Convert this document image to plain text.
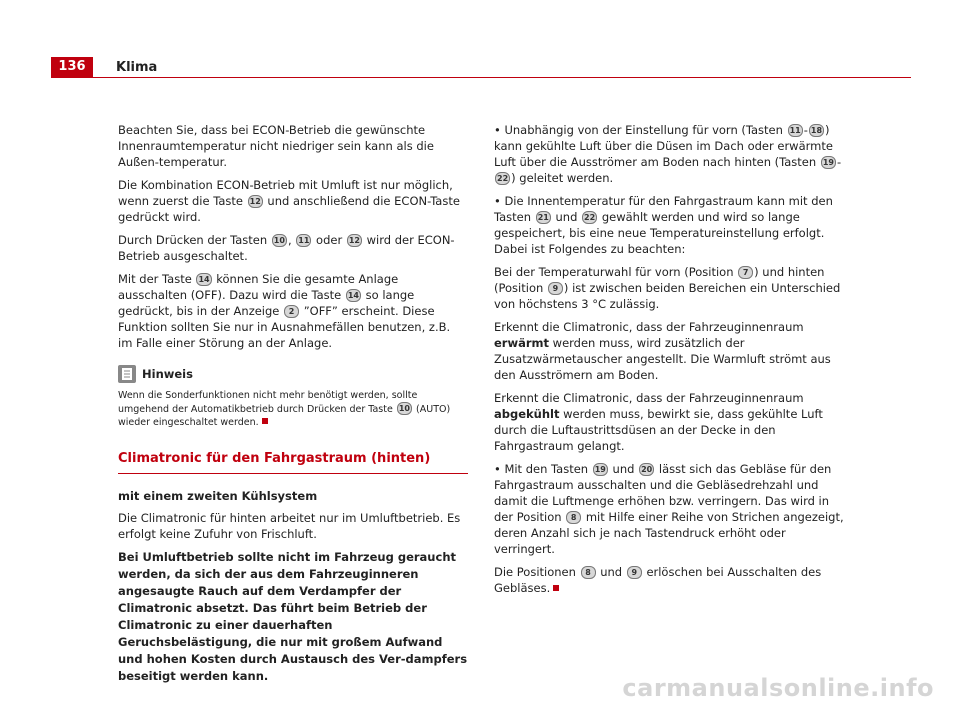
136	Klima

Beachten Sie, dass bei ECON-Betrieb die gewünschte Innenraumtemperatur nicht niedriger sein kann als die Außen-temperatur.

Die Kombination ECON-Betrieb mit Umluft ist nur möglich, wenn zuerst die Taste 12 und anschließend die ECON-Taste gedrückt wird.

Durch Drücken der Tasten 10 , 11 oder 12 wird der ECON-Betrieb ausgeschaltet.

Mit der Taste 14 können Sie die gesamte Anlage ausschalten (OFF). Dazu wird die Taste 14 so lange gedrückt, bis in der Anzeige 2 ”OFF” erscheint. Diese Funktion sollten Sie nur in Ausnahmefällen benutzen, z.B. im Falle einer Störung an der Anlage.

Hinweis
Wenn die Sonderfunktionen nicht mehr benötigt werden, sollte umgehend der Automatikbetrieb durch Drücken der Taste 10 (AUTO) wieder eingeschaltet werden.
Climatronic für den Fahrgastraum (hinten)
mit einem zweiten Kühlsystem

Die Climatronic für hinten arbeitet nur im Umluftbetrieb. Es erfolgt keine Zufuhr von Frischluft.

Bei Umluftbetrieb sollte nicht im Fahrzeug geraucht werden, da sich der aus dem Fahrzeuginneren angesaugte Rauch auf dem Verdampfer der Climatronic absetzt. Das führt beim Betrieb der Climatronic zu einer dauerhaften Geruchsbelästigung, die nur mit großem Aufwand und hohen Kosten durch Austausch des Ver-dampfers beseitigt werden kann.

• Unabhängig von der Einstellung für vorn (Tasten 11 - 18 ) kann gekühlte Luft über die Düsen im Dach oder erwärmte Luft über die Ausströmer am Boden nach hinten (Tasten 19 -22 ) geleitet werden.

• Die Innentemperatur für den Fahrgastraum kann mit den Tasten 21 und 22 gewählt werden und wird so lange gespeichert, bis eine neue Temperatureinstellung erfolgt. Dabei ist Folgendes zu beachten:

Bei der Temperaturwahl für vorn (Position 7 ) und hinten (Position 9 ) ist zwischen beiden Bereichen ein Unterschied von höchstens 3 °C zulässig.

Erkennt die Climatronic, dass der Fahrzeuginnenraum erwärmt werden muss, wird zusätzlich der Zusatzwärmetauscher angestellt. Die Warmluft strömt aus den Ausströmern am Boden.

Erkennt die Climatronic, dass der Fahrzeuginnenraum abgekühlt werden muss, bewirkt sie, dass gekühlte Luft durch die Luftaustrittsdüsen an der Decke in den Fahrgastraum gelangt.

• Mit den Tasten 19 und 20 lässt sich das Gebläse für den Fahrgastraum ausschalten und die Gebläsedrehzahl und damit die Luftmenge erhöhen bzw. verringern. Das wird in der Position 8 mit Hilfe einer Reihe von Strichen angezeigt, deren Anzahl sich je nach Tastendruck erhöht oder verringert.

Die Positionen 8 und 9 erlöschen bei Ausschalten des Gebläses.

carmanualsonline.info
